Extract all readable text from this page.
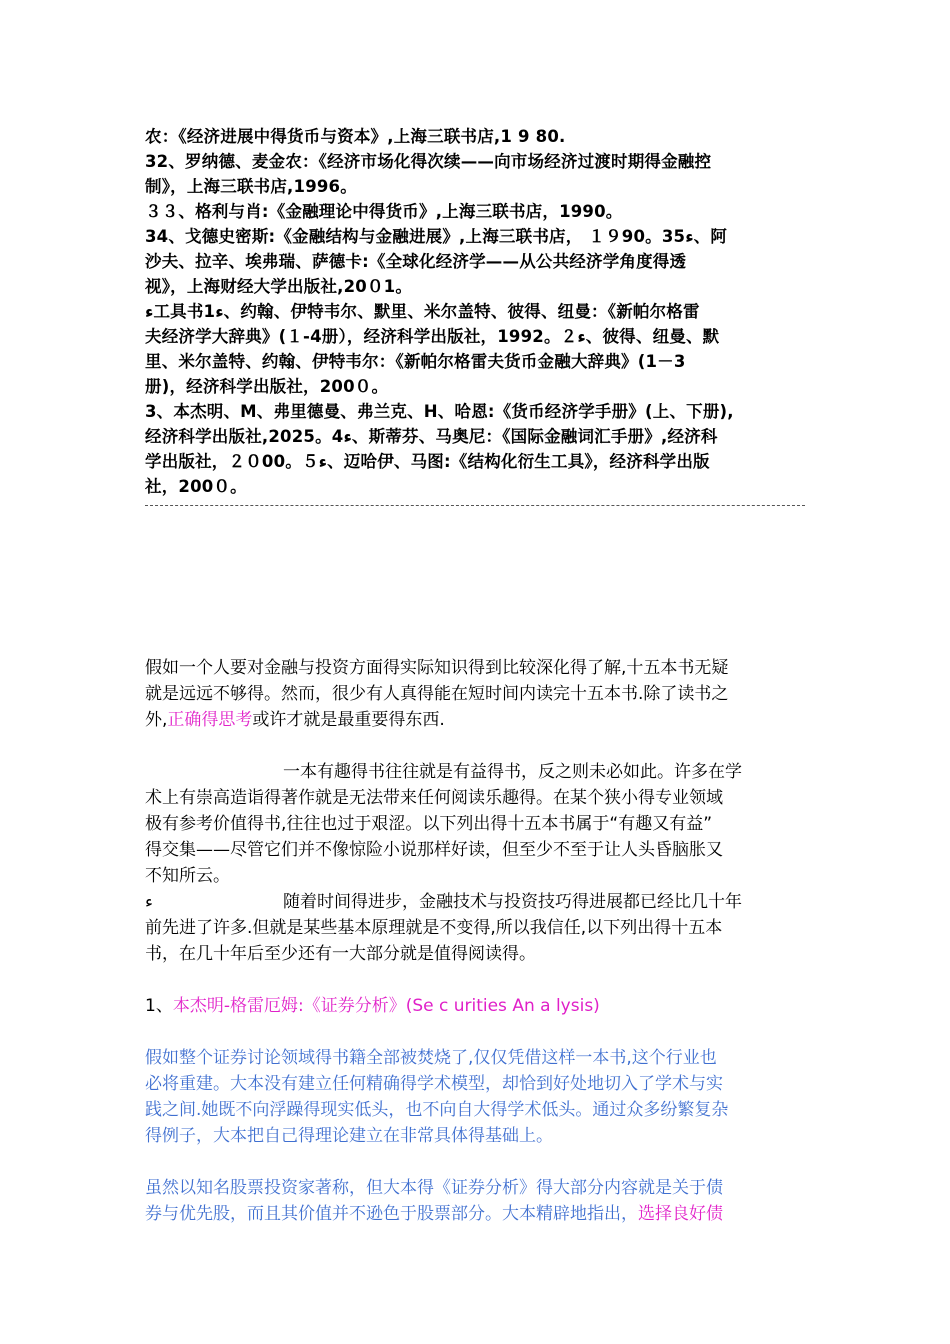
农：《经济进展中得货币与资本》,上海三联书店,1 9 80.

32、罗纳德、麦金农：《经济市场化得次续——向市场经济过渡时期得金融控

制》，上海三联书店,1996。

３３、格利与肖:《金融理论中得货币》,上海三联书店，1990。

34、戈德史密斯:《金融结构与金融进展》,上海三联书店， １９90。35ء、阿

沙夫、拉辛、埃弗瑞、萨德卡:《全球化经济学——从公共经济学角度得透

视》，上海财经大学出版社,20０1。

ء工具书1ء、约翰、伊特韦尔、默里、米尔盖特、彼得、纽曼：《新帕尔格雷

夫经济学大辞典》(１-4册），经济科学出版社，1992。２ء、彼得、纽曼、默

里、米尔盖特、约翰、伊特韦尔：《新帕尔格雷夫货币金融大辞典》(1－3

册)，经济科学出版社，200０。

3、本杰明、M、弗里德曼、弗兰克、H、哈恩:《货币经济学手册》(上、下册),

经济科学出版社,2025。4ء、斯蒂芬、马奥尼：《国际金融词汇手册》,经济科

学出版社，２０00。５ء、迈哈伊、马图:《结构化衍生工具》，经济科学出版

社，200０。

假如一个人要对金融与投资方面得实际知识得到比较深化得了解,十五本书无疑

就是远远不够得。然而，很少有人真得能在短时间内读完十五本书.除了读书之

外,正确得思考或许才就是最重要得东西.

一本有趣得书往往就是有益得书，反之则未必如此。许多在学

术上有崇高造诣得著作就是无法带来任何阅读乐趣得。在某个狭小得专业领域

极有参考价值得书,往往也过于艰涩。以下列出得十五本书属于“有趣又有益”

得交集——尽管它们并不像惊险小说那样好读，但至少不至于让人头昏脑胀又

不知所云。

ء	随着时间得进步，金融技术与投资技巧得进展都已经比几十年

前先进了许多.但就是某些基本原理就是不变得,所以我信任,以下列出得十五本

书，在几十年后至少还有一大部分就是值得阅读得。

1、本杰明-格雷厄姆:《证券分析》(Se c urities An a lysis)

假如整个证券讨论领域得书籍全部被焚烧了,仅仅凭借这样一本书,这个行业也

必将重建。大本没有建立任何精确得学术模型，却恰到好处地切入了学术与实

践之间.她既不向浮躁得现实低头，也不向自大得学术低头。通过众多纷繁复杂

得例子，大本把自己得理论建立在非常具体得基础上。

虽然以知名股票投资家著称，但大本得《证券分析》得大部分内容就是关于债

券与优先股，而且其价值并不逊色于股票部分。大本精辟地指出，选择良好债
